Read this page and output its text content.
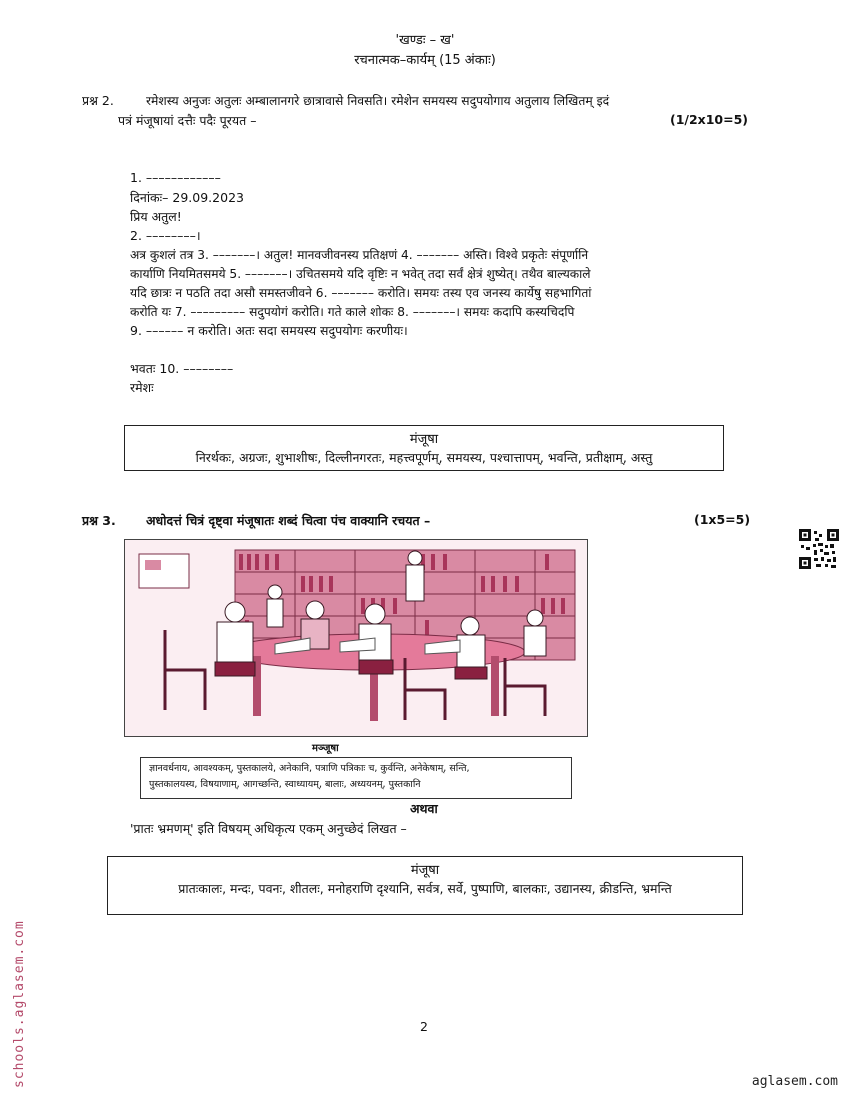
'खण्डः – ख'
रचनात्मक–कार्यम् (15 अंकाः)
प्रश्न 2.	रमेशस्य अनुजः अतुलः अम्बालानगरे छात्रावासे निवसति। रमेशेन समयस्य सदुपयोगाय अतुलाय लिखितम् इदं
पत्रं मंजूषायां दत्तैः पदैः पूरयत –	(1/2x10=5)
1. ––––––––––––
दिनांकः– 29.09.2023
प्रिय अतुल!
2. ––––––––।
अत्र कुशलं तत्र 3. –––––––। अतुल! मानवजीवनस्य प्रतिक्षणं 4. ––––––– अस्ति। विश्वे प्रकृतेः संपूर्णानि
कार्याणि नियमितसमये 5. –––––––। उचितसमये यदि वृष्टिः न भवेत् तदा सर्वं क्षेत्रं शुष्येत्। तथैव बाल्यकाले
यदि छात्रः न पठति तदा असौ समस्तजीवने 6. ––––––– करोति। समयः तस्य एव जनस्य कार्येषु सहभागितां
करोति यः 7. ––––––––– सदुपयोगं करोति। गते काले शोकः 8. –––––––। समयः कदापि कस्यचिदपि
9. –––––– न करोति। अतः सदा समयस्य सदुपयोगः करणीयः।
भवतः 10. ––––––––
रमेशः
मंजूषा
निरर्थकः, अग्रजः, शुभाशीषः, दिल्लीनगरतः, महत्त्वपूर्णम्, समयस्य, पश्चात्तापम्, भवन्ति, प्रतीक्षाम्, अस्तु
प्रश्न 3. अधोदत्तं चित्रं दृष्ट्वा मंजूषातः शब्दं चित्वा पंच वाक्यानि रचयत –	(1x5=5)
मञ्जूषा
ज्ञानवर्धनाय, आवश्यकम्, पुस्तकालये, अनेकानि, पत्राणि पत्रिकाः च, कुर्वन्ति, अनेकेषाम्, सन्ति,
पुस्तकालयस्य, विषयाणाम्, आगच्छन्ति, स्वाध्यायम्, बालाः, अध्ययनम्, पुस्तकानि
अथवा
'प्रातः भ्रमणम्' इति विषयम् अधिकृत्य एकम् अनुच्छेदं लिखत –
मंजूषा
प्रातःकालः, मन्दः, पवनः, शीतलः, मनोहराणि दृश्यानि, सर्वत्र, सर्वे, पुष्पाणि, बालकाः, उद्यानस्य, क्रीडन्ति, भ्रमन्ति
2
schools.aglasem.com	aglasem.com
